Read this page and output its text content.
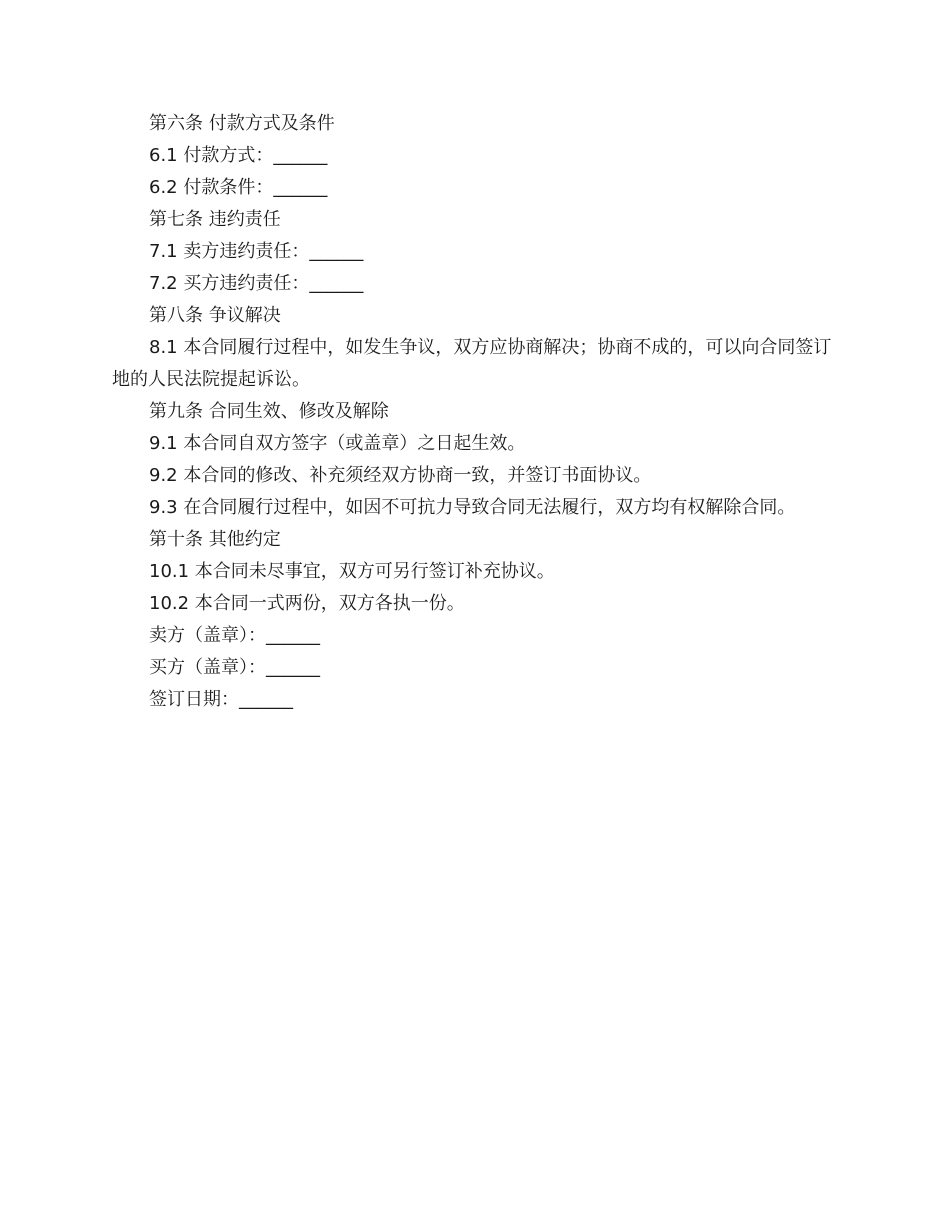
第六条 付款方式及条件

6.1 付款方式：______

6.2 付款条件：______

第七条 违约责任

7.1 卖方违约责任：______

7.2 买方违约责任：______

第八条 争议解决

8.1 本合同履行过程中，如发生争议，双方应协商解决；协商不成的，可以向合同签订地的人民法院提起诉讼。

第九条 合同生效、修改及解除

9.1 本合同自双方签字（或盖章）之日起生效。

9.2 本合同的修改、补充须经双方协商一致，并签订书面协议。

9.3 在合同履行过程中，如因不可抗力导致合同无法履行，双方均有权解除合同。

第十条 其他约定

10.1 本合同未尽事宜，双方可另行签订补充协议。

10.2 本合同一式两份，双方各执一份。

卖方（盖章）：______

买方（盖章）：______

签订日期：______
